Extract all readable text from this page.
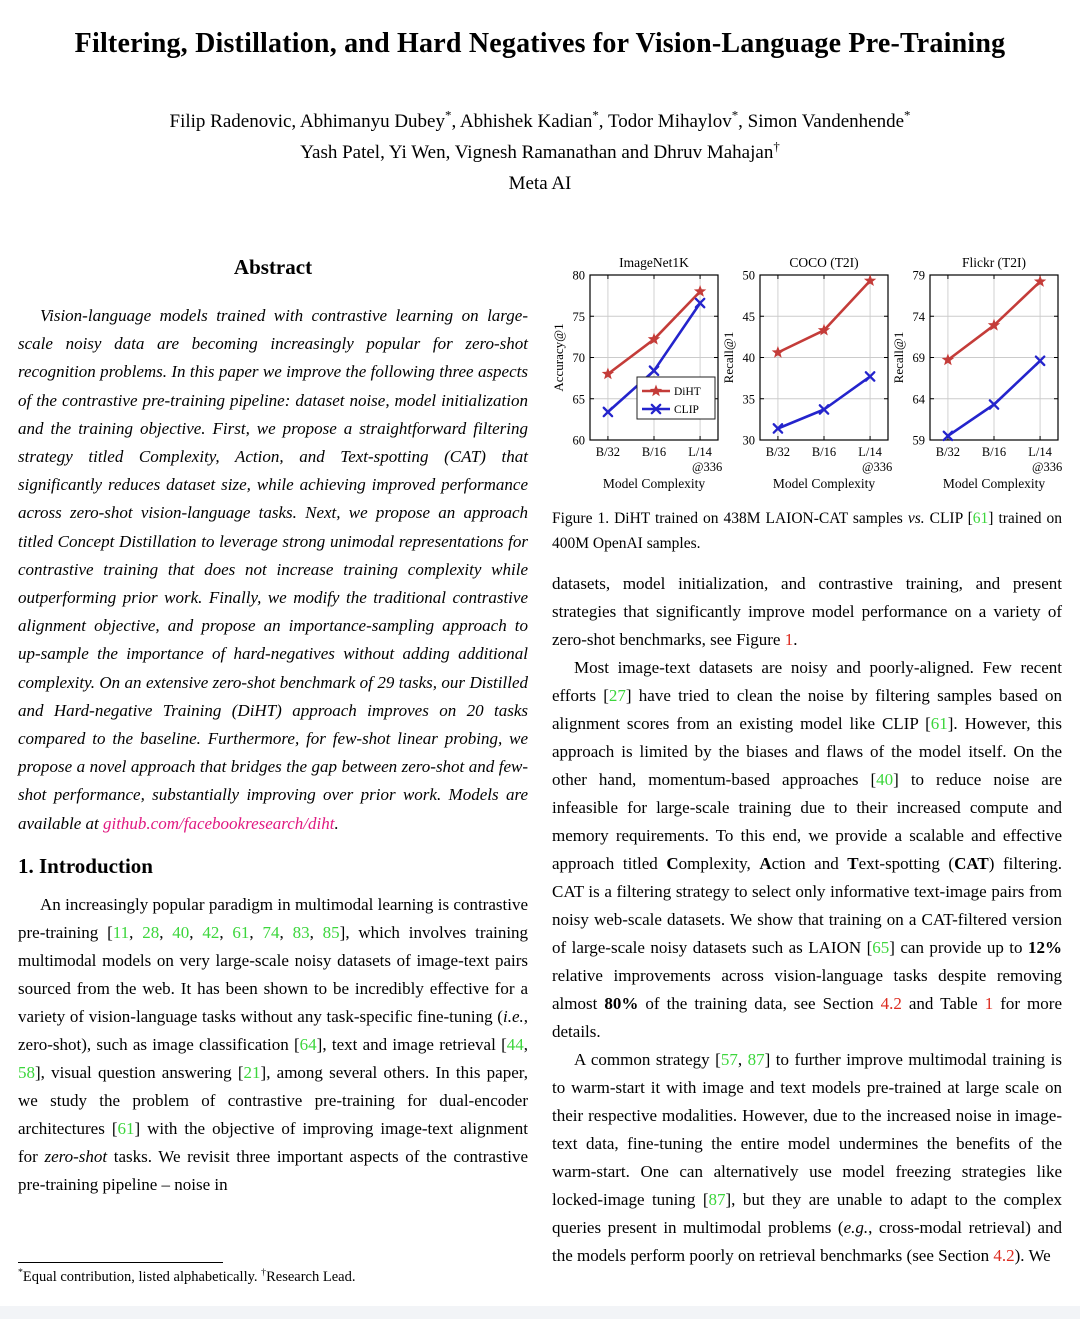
Filtering, Distillation, and Hard Negatives for Vision-Language Pre-Training
Filip Radenovic, Abhimanyu Dubey*, Abhishek Kadian*, Todor Mihaylov*, Simon Vandenhende*
Yash Patel, Yi Wen, Vignesh Ramanathan and Dhruv Mahajan†
Meta AI
Abstract

Vision-language models trained with contrastive learning on large-scale noisy data are becoming increasingly popular for zero-shot recognition problems. In this paper we improve the following three aspects of the contrastive pre-training pipeline: dataset noise, model initialization and the training objective. First, we propose a straightforward filtering strategy titled Complexity, Action, and Text-spotting (CAT) that significantly reduces dataset size, while achieving improved performance across zero-shot vision-language tasks. Next, we propose an approach titled Concept Distillation to leverage strong unimodal representations for contrastive training that does not increase training complexity while outperforming prior work. Finally, we modify the traditional contrastive alignment objective, and propose an importance-sampling approach to up-sample the importance of hard-negatives without adding additional complexity. On an extensive zero-shot benchmark of 29 tasks, our Distilled and Hard-negative Training (DiHT) approach improves on 20 tasks compared to the baseline. Furthermore, for few-shot linear probing, we propose a novel approach that bridges the gap between zero-shot and few-shot performance, substantially improving over prior work. Models are available at github.com/facebookresearch/diht.

1. Introduction

An increasingly popular paradigm in multimodal learning is contrastive pre-training [11, 28, 40, 42, 61, 74, 83, 85], which involves training multimodal models on very large-scale noisy datasets of image-text pairs sourced from the web. It has been shown to be incredibly effective for a variety of vision-language tasks without any task-specific fine-tuning (i.e., zero-shot), such as image classification [64], text and image retrieval [44, 58], visual question answering [21], among several others. In this paper, we study the problem of contrastive pre-training for dual-encoder architectures [61] with the objective of improving image-text alignment for zero-shot tasks. We revisit three important aspects of the contrastive pre-training pipeline – noise in

60
65
70
75
80
B/32 B/16 L/14
@336
DiHT
CLIP
ImageNet1K
Accuracy@1
Model Complexity
30
35
40
45
50
B/32 B/16 L/14
@336
COCO (T2I)
Recall@1
Model Complexity
59
64
69
74
79
B/32 B/16 L/14
@336
Flickr (T2I)
Recall@1
Model Complexity

Figure 1. DiHT trained on 438M LAION-CAT samples vs. CLIP [61] trained on 400M OpenAI samples.

datasets, model initialization, and contrastive training, and present strategies that significantly improve model performance on a variety of zero-shot benchmarks, see Figure 1.

Most image-text datasets are noisy and poorly-aligned. Few recent efforts [27] have tried to clean the noise by filtering samples based on alignment scores from an existing model like CLIP [61]. However, this approach is limited by the biases and flaws of the model itself. On the other hand, momentum-based approaches [40] to reduce noise are infeasible for large-scale training due to their increased compute and memory requirements. To this end, we provide a scalable and effective approach titled Complexity, Action and Text-spotting (CAT) filtering. CAT is a filtering strategy to select only informative text-image pairs from noisy web-scale datasets. We show that training on a CAT-filtered version of large-scale noisy datasets such as LAION [65] can provide up to 12% relative improvements across vision-language tasks despite removing almost 80% of the training data, see Section 4.2 and Table 1 for more details.

A common strategy [57, 87] to further improve multimodal training is to warm-start it with image and text models pre-trained at large scale on their respective modalities. However, due to the increased noise in image-text data, fine-tuning the entire model undermines the benefits of the warm-start. One can alternatively use model freezing strategies like locked-image tuning [87], but they are unable to adapt to the complex queries present in multimodal problems (e.g., cross-modal retrieval) and the models perform poorly on retrieval benchmarks (see Section 4.2). We

*Equal contribution, listed alphabetically. †Research Lead.
